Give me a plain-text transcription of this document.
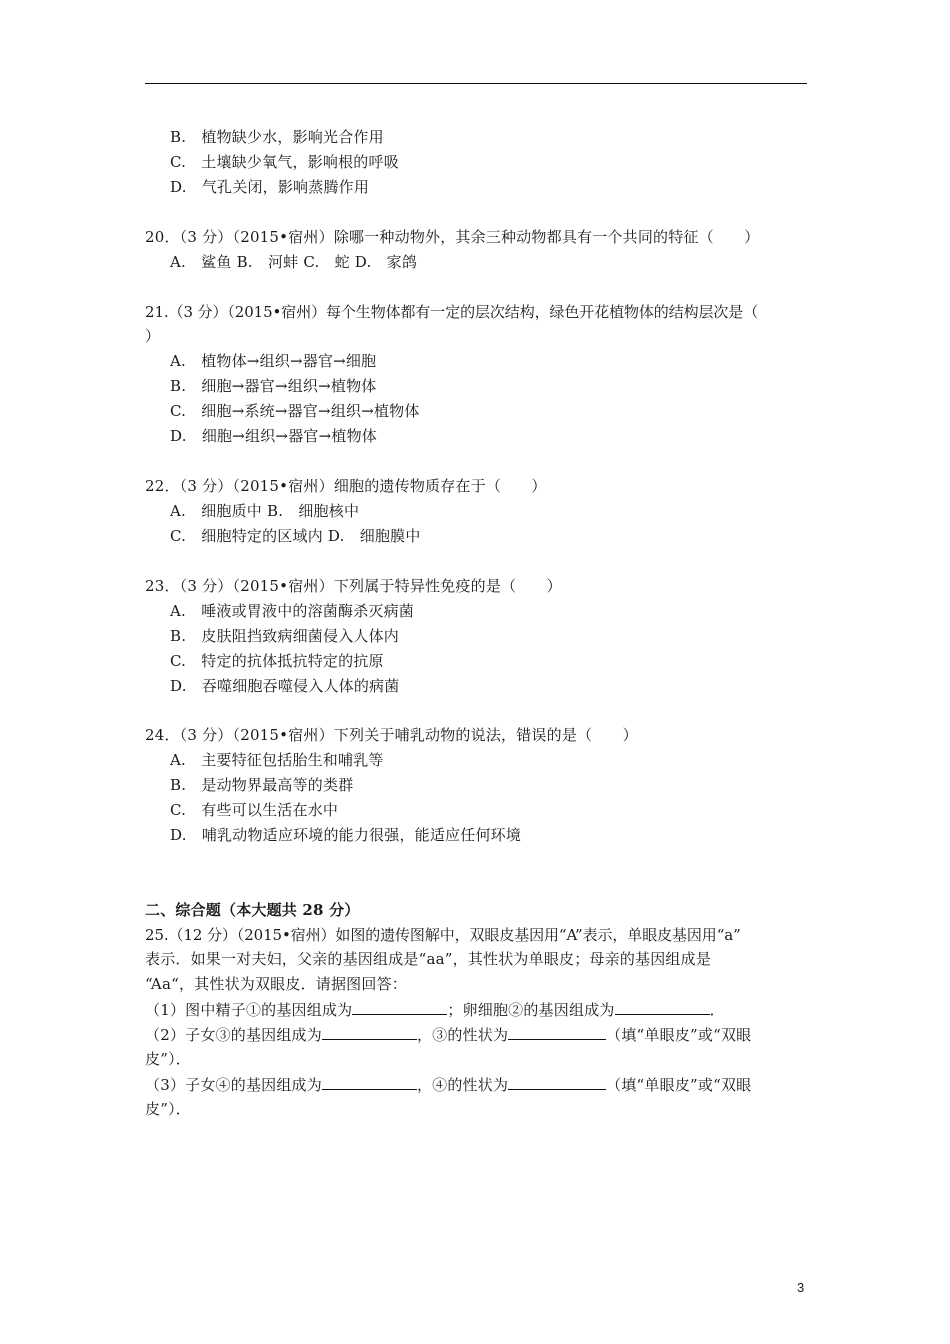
B.　植物缺少水，影响光合作用
C.　土壤缺少氧气，影响根的呼吸
D.　气孔关闭，影响蒸腾作用
20．（3 分）（2015•宿州）除哪一种动物外，其余三种动物都具有一个共同的特征（　　）
A.　鲨鱼 B.　河蚌 C.　蛇 D.　家鸽
21.（3 分）（2015•宿州）每个生物体都有一定的层次结构，绿色开花植物体的结构层次是（
）
A.　植物体→组织→器官→细胞
B.　细胞→器官→组织→植物体
C.　细胞→系统→器官→组织→植物体
D.　细胞→组织→器官→植物体
22．（3 分）（2015•宿州）细胞的遗传物质存在于（　　）
A.　细胞质中 B.　细胞核中
C.　细胞特定的区域内 D.　细胞膜中
23．（3 分）（2015•宿州）下列属于特异性免疫的是（　　）
A.　唾液或胃液中的溶菌酶杀灭病菌
B.　皮肤阻挡致病细菌侵入人体内
C.　特定的抗体抵抗特定的抗原
D.　吞噬细胞吞噬侵入人体的病菌
24．（3 分）（2015•宿州）下列关于哺乳动物的说法，错误的是（　　）
A.　主要特征包括胎生和哺乳等
B.　是动物界最高等的类群
C.　有些可以生活在水中
D.　哺乳动物适应环境的能力很强，能适应任何环境
二、综合题（本大题共 28 分）
25.（12 分）（2015•宿州）如图的遗传图解中，双眼皮基因用“A”表示，单眼皮基因用“a”
表示．如果一对夫妇，父亲的基因组成是“aa”，其性状为单眼皮；母亲的基因组成是
“Aa“，其性状为双眼皮．请据图回答：
（1）图中精子①的基因组成为	；卵细胞②的基因组成为	．
（2）子女③的基因组成为	，③的性状为	（填“单眼皮”或“双眼
皮”）．
（3）子女④的基因组成为	，④的性状为	（填“单眼皮”或“双眼
皮”）．
3
